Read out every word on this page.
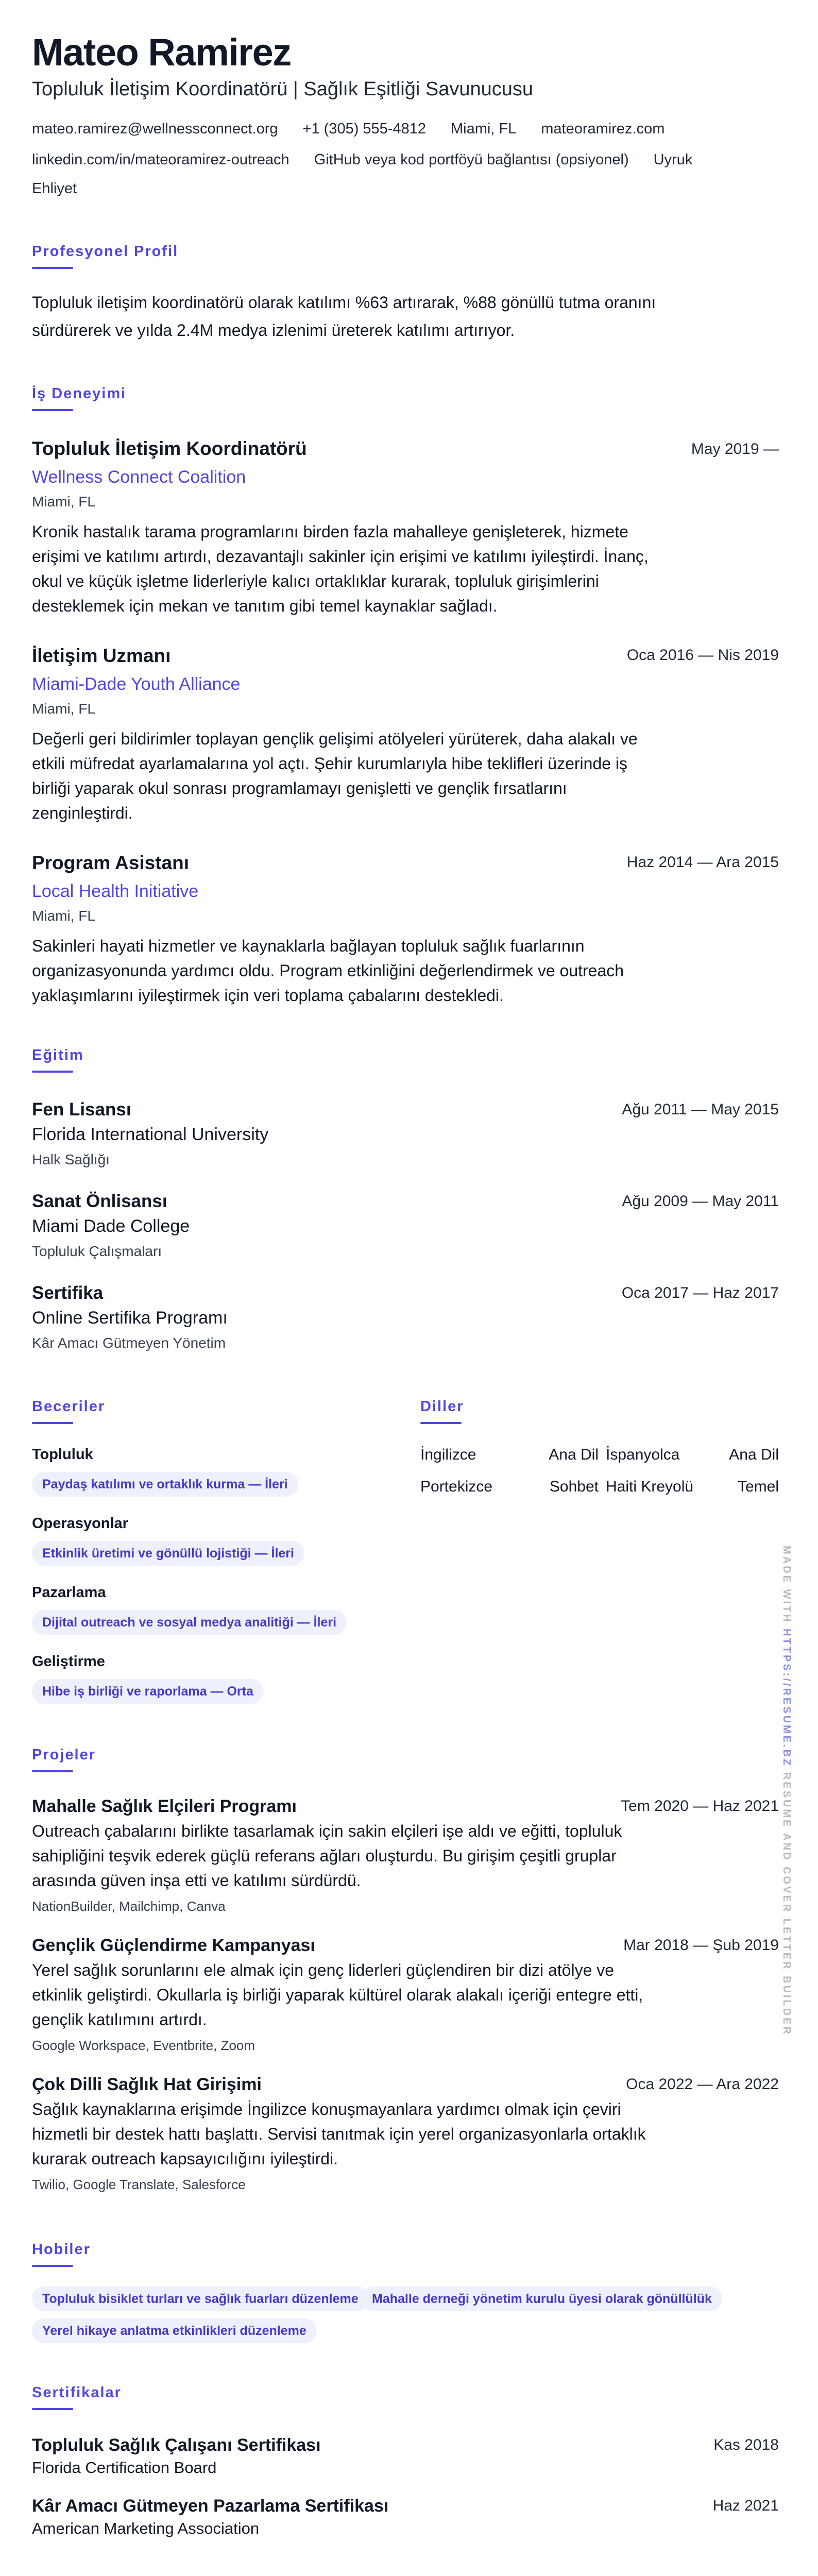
Mateo Ramirez
Topluluk İletişim Koordinatörü | Sağlık Eşitliği Savunucusu
mateo.ramirez@wellnessconnect.org +1 (305) 555-4812 Miami, FL mateoramirez.com
linkedin.com/in/mateoramirez-outreach GitHub veya kod portföyü bağlantısı (opsiyonel) Uyruk
Ehliyet
Profesyonel Profil
Topluluk iletişim koordinatörü olarak katılımı %63 artırarak, %88 gönüllü tutma oranını sürdürerek ve yılda 2.4M medya izlenimi üreterek katılımı artırıyor.
İş Deneyimi
Topluluk İletişim Koordinatörü	May 2019 —
Wellness Connect Coalition
Miami, FL
Kronik hastalık tarama programlarını birden fazla mahalleye genişleterek, hizmete erişimi ve katılımı artırdı, dezavantajlı sakinler için erişimi ve katılımı iyileştirdi. İnanç, okul ve küçük işletme liderleriyle kalıcı ortaklıklar kurarak, topluluk girişimlerini desteklemek için mekan ve tanıtım gibi temel kaynaklar sağladı.
İletişim Uzmanı	Oca 2016 — Nis 2019
Miami-Dade Youth Alliance
Miami, FL
Değerli geri bildirimler toplayan gençlik gelişimi atölyeleri yürüterek, daha alakalı ve etkili müfredat ayarlamalarına yol açtı. Şehir kurumlarıyla hibe teklifleri üzerinde iş birliği yaparak okul sonrası programlamayı genişletti ve gençlik fırsatlarını zenginleştirdi.
Program Asistanı	Haz 2014 — Ara 2015
Local Health Initiative
Miami, FL
Sakinleri hayati hizmetler ve kaynaklarla bağlayan topluluk sağlık fuarlarının organizasyonunda yardımcı oldu. Program etkinliğini değerlendirmek ve outreach yaklaşımlarını iyileştirmek için veri toplama çabalarını destekledi.
Eğitim
Fen Lisansı	Ağu 2011 — May 2015
Florida International University
Halk Sağlığı
Sanat Önlisansı	Ağu 2009 — May 2011
Miami Dade College
Topluluk Çalışmaları
Sertifika	Oca 2017 — Haz 2017
Online Sertifika Programı
Kâr Amacı Gütmeyen Yönetim
Beceriler
Topluluk
Paydaş katılımı ve ortaklık kurma — İleri
Operasyonlar
Etkinlik üretimi ve gönüllü lojistiği — İleri
Pazarlama
Dijital outreach ve sosyal medya analitiği — İleri
Geliştirme
Hibe iş birliği ve raporlama — Orta
Diller
İngilizce	Ana Dil İspanyolca	Ana Dil
Portekizce	Sohbet Haiti Kreyolü	Temel
Projeler
Mahalle Sağlık Elçileri Programı	Tem 2020 — Haz 2021
Outreach çabalarını birlikte tasarlamak için sakin elçileri işe aldı ve eğitti, topluluk sahipliğini teşvik ederek güçlü referans ağları oluşturdu. Bu girişim çeşitli gruplar arasında güven inşa etti ve katılımı sürdürdü.
NationBuilder, Mailchimp, Canva
Gençlik Güçlendirme Kampanyası	Mar 2018 — Şub 2019
Yerel sağlık sorunlarını ele almak için genç liderleri güçlendiren bir dizi atölye ve etkinlik geliştirdi. Okullarla iş birliği yaparak kültürel olarak alakalı içeriği entegre etti, gençlik katılımını artırdı.
Google Workspace, Eventbrite, Zoom
Çok Dilli Sağlık Hat Girişimi	Oca 2022 — Ara 2022
Sağlık kaynaklarına erişimde İngilizce konuşmayanlara yardımcı olmak için çeviri hizmetli bir destek hattı başlattı. Servisi tanıtmak için yerel organizasyonlarla ortaklık kurarak outreach kapsayıcılığını iyileştirdi.
Twilio, Google Translate, Salesforce
Hobiler
Topluluk bisiklet turları ve sağlık fuarları düzenleme	Mahalle derneği yönetim kurulu üyesi olarak gönüllülük
Yerel hikaye anlatma etkinlikleri düzenleme
Sertifikalar
Topluluk Sağlık Çalışanı Sertifikası	Kas 2018
Florida Certification Board
Kâr Amacı Gütmeyen Pazarlama Sertifikası	Haz 2021
American Marketing Association
MADE WITH HTTPS://RESUME.BZ RESUME AND COVER LETTER BUILDER
